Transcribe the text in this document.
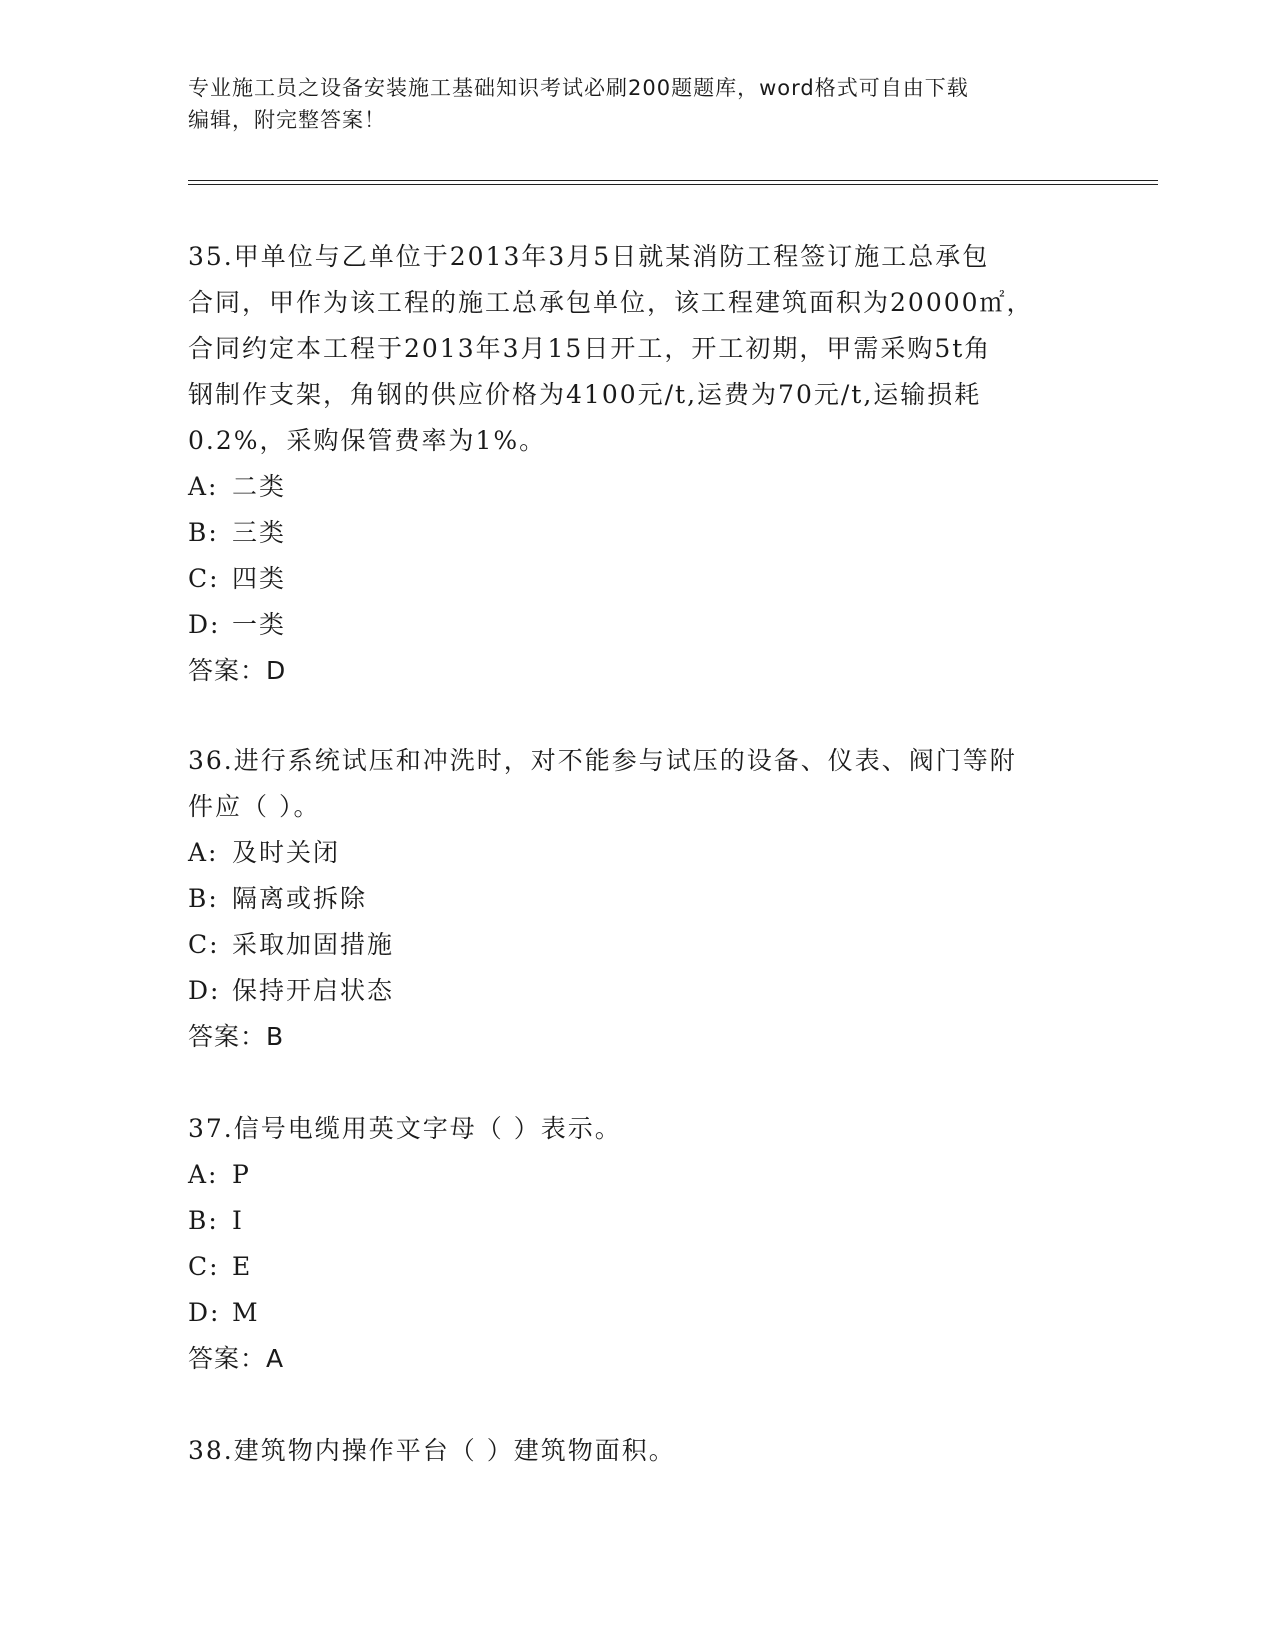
专业施工员之设备安装施工基础知识考试必刷200题题库，word格式可自由下载
编辑，附完整答案！

35.甲单位与乙单位于2013年3月5日就某消防工程签订施工总承包

合同，甲作为该工程的施工总承包单位，该工程建筑面积为20000㎡，

合同约定本工程于2013年3月15日开工，开工初期，甲需采购5t角

钢制作支架，角钢的供应价格为4100元/t,运费为70元/t,运输损耗

0.2%，采购保管费率为1%。

A: 二类

B: 三类

C: 四类

D: 一类

答案：D

36.进行系统试压和冲洗时，对不能参与试压的设备、仪表、阀门等附

件应（ ）。

A: 及时关闭

B: 隔离或拆除

C: 采取加固措施

D: 保持开启状态

答案：B

37.信号电缆用英文字母（ ）表示。

A: P

B: I

C: E

D: M

答案：A

38.建筑物内操作平台（ ）建筑物面积。
